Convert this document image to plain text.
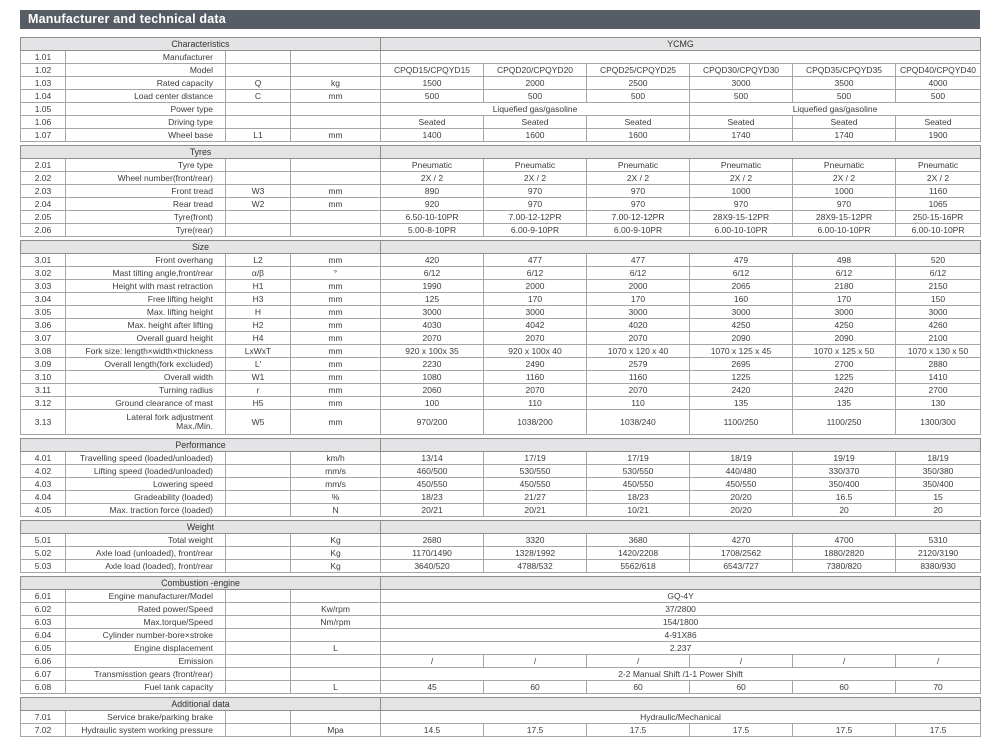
Manufacturer and technical data
Characteristics				YCMG					
1.01	Manufacturer								
1.02	Model			CPQD15/CPQYD15	CPQD20/CPQYD20	CPQD25/CPQYD25	CPQD30/CPQYD30	CPQD35/CPQYD35	CPQD40/CPQYD40
1.03	Rated capacity	Q	kg	1500	2000	2500	3000	3500	4000
1.04	Load center distance	C	mm	500	500	500	500	500	500
1.05	Power type			Liquefied gas/gasoline			Liquefied gas/gasoline		
1.06	Driving type			Seated	Seated	Seated	Seated	Seated	Seated
1.07	Wheel base	L1	mm	1400	1600	1600	1740	1740	1900
Tyres									
2.01	Tyre type			Pneumatic	Pneumatic	Pneumatic	Pneumatic	Pneumatic	Pneumatic
2.02	Wheel number(front/rear)			2X / 2	2X / 2	2X / 2	2X / 2	2X / 2	2X / 2
2.03	Front tread	W3	mm	890	970	970	1000	1000	1160
2.04	Rear tread	W2	mm	920	970	970	970	970	1065
2.05	Tyre(front)			6.50-10-10PR	7.00-12-12PR	7.00-12-12PR	28X9-15-12PR	28X9-15-12PR	250-15-16PR
2.06	Tyre(rear)			5.00-8-10PR	6.00-9-10PR	6.00-9-10PR	6.00-10-10PR	6.00-10-10PR	6.00-10-10PR
Size									
3.01	Front overhang	L2	mm	420	477	477	479	498	520
3.02	Mast tilting angle,front/rear	α/β	°	6/12	6/12	6/12	6/12	6/12	6/12
3.03	Height with mast retraction	H1	mm	1990	2000	2000	2065	2180	2150
3.04	Free lifting height	H3	mm	125	170	170	160	170	150
3.05	Max. lifting height	H	mm	3000	3000	3000	3000	3000	3000
3.06	Max. height after lifting	H2	mm	4030	4042	4020	4250	4250	4260
3.07	Overall guard height	H4	mm	2070	2070	2070	2090	2090	2100
3.08	Fork size: length×width×thickness	LxWxT	mm	920 x 100x 35	920 x 100x 40	1070 x 120 x 40	1070 x 125 x 45	1070 x 125 x 50	1070 x 130 x 50
3.09	Overall length(fork excluded)	L'	mm	2230	2490	2579	2695	2700	2880
3.10	Overall width	W1	mm	1080	1160	1160	1225	1225	1410
3.11	Turning radius	r	mm	2060	2070	2070	2420	2420	2700
3.12	Ground clearance of mast	H5	mm	100	110	110	135	135	130
3.13	Lateral fork adjustment
Max./Min.	W5	mm	970/200	1038/200	1038/240	1100/250	1100/250	1300/300
Performance									
4.01	Travelling speed (loaded/unloaded)		km/h	13/14	17/19	17/19	18/19	19/19	18/19
4.02	Lifting speed (loaded/unloaded)		mm/s	460/500	530/550	530/550	440/480	330/370	350/380
4.03	Lowering speed		mm/s	450/550	450/550	450/550	450/550	350/400	350/400
4.04	Gradeability (loaded)		%	18/23	21/27	18/23	20/20	16.5	15
4.05	Max. traction force (loaded)		N	20/21	20/21	10/21	20/20	20	20
Weight									
5.01	Total weight		Kg	2680	3320	3680	4270	4700	5310
5.02	Axle load (unloaded), front/rear		Kg	1170/1490	1328/1992	1420/2208	1708/2562	1880/2820	2120/3190
5.03	Axle load (loaded), front/rear		Kg	3640/520	4788/532	5562/618	6543/727	7380/820	8380/930
Combustion -engine									
6.01	Engine manufacturer/Model			GQ-4Y					
6.02	Rated power/Speed		Kw/rpm	37/2800					
6.03	Max.torque/Speed		Nm/rpm	154/1800					
6.04	Cylinder number-bore×stroke			4-91X86					
6.05	Engine displacement		L	2.237					
6.06	Emission			/	/	/	/	/	/
6.07	Transmisstion gears (front/rear)			2-2 Manual Shift /1-1 Power Shift					
6.08	Fuel tank capacity		L	45	60	60	60	60	70
Additional data									
7.01	Service brake/parking brake			Hydraulic/Mechanical					
7.02	Hydraulic system working pressure		Mpa	14.5	17.5	17.5	17.5	17.5	17.5
